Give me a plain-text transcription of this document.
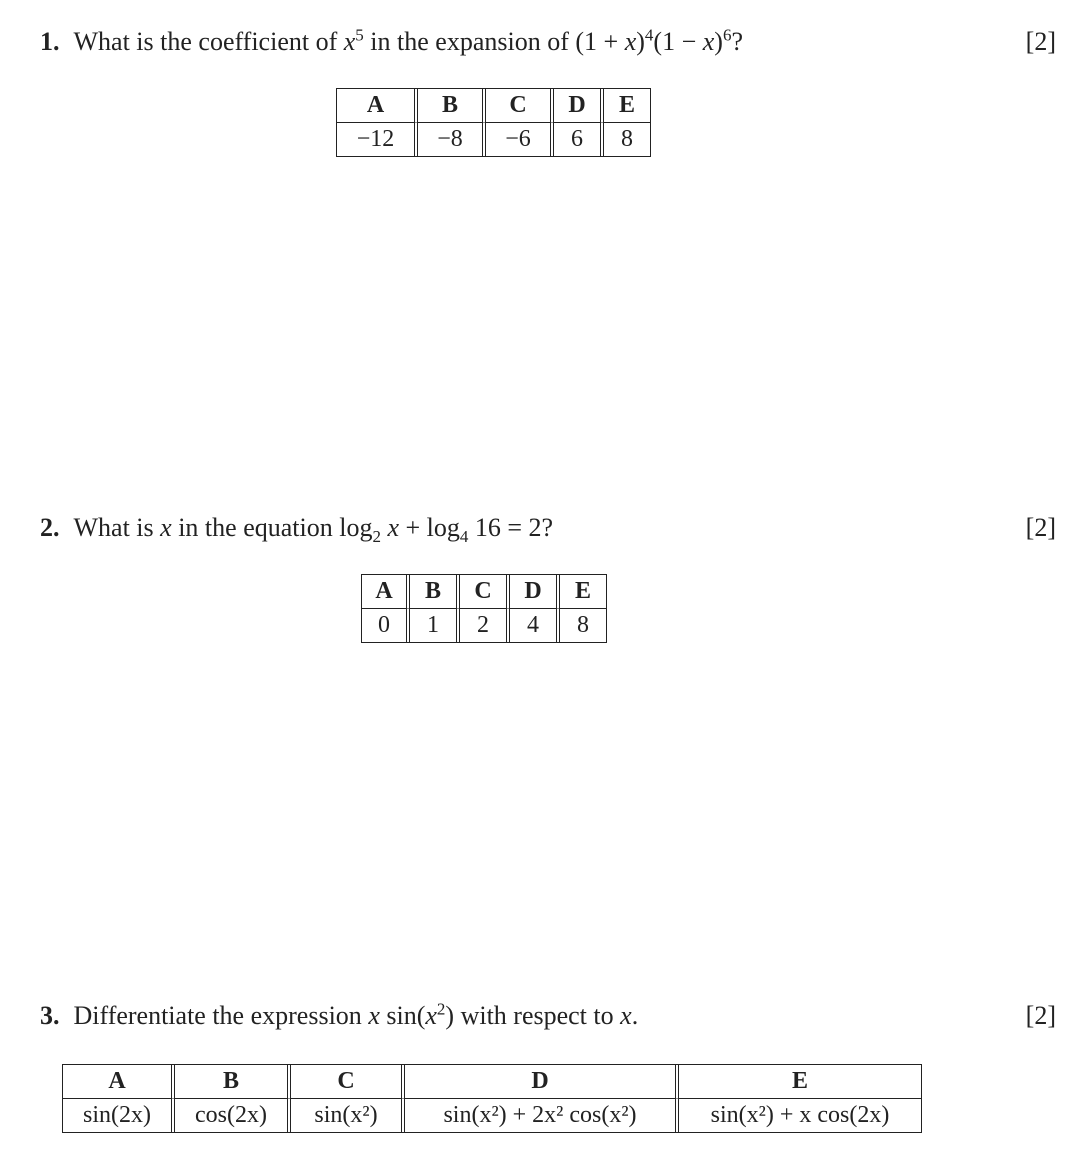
1. What is the coefficient of $x^5$ in the expansion of $(1 + x)^4(1 - x)^6$?	[2]
A	B	C	D	E
−12	−8	−6	6	8
2. What is x in the equation $\log_2 x + \log_4 16 = 2$?	[2]
A	B	C	D	E
0	1	2	4	8
3. Differentiate the expression x $\sin(x^2)$ with respect to x.	[2]
A	B	C	D	E
sin(2x)	cos(2x)	sin(x²)	sin(x²) + 2x² cos(x²)	sin(x²) + x cos(2x)
